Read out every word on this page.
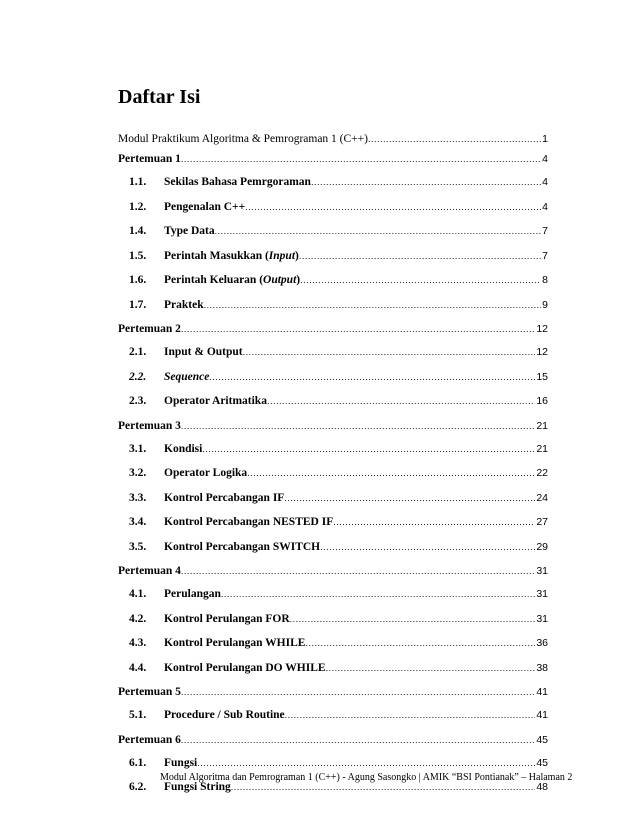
Daftar Isi
Modul Praktikum Algoritma & Pemrograman 1 (C++) .....	1
Pertemuan 1 .....	4
1.1.	Sekilas Bahasa Pemrgoraman .....	4
1.2.	Pengenalan C++ .....	4
1.4.	Type Data .....	7
1.5.	Perintah Masukkan (Input) .....	7
1.6.	Perintah Keluaran (Output) .....	8
1.7.	Praktek .....	9
Pertemuan 2 .....	12
2.1.	Input & Output .....	12
2.2.	Sequence .....	15
2.3.	Operator Aritmatika .....	16
Pertemuan 3 .....	21
3.1.	Kondisi .....	21
3.2.	Operator Logika .....	22
3.3.	Kontrol Percabangan IF .....	24
3.4.	Kontrol Percabangan NESTED IF .....	27
3.5.	Kontrol Percabangan SWITCH .....	29
Pertemuan 4 .....	31
4.1.	Perulangan .....	31
4.2.	Kontrol Perulangan FOR .....	31
4.3.	Kontrol Perulangan WHILE .....	36
4.4.	Kontrol Perulangan DO WHILE .....	38
Pertemuan 5 .....	41
5.1.	Procedure / Sub Routine .....	41
Pertemuan 6 .....	45
6.1.	Fungsi .....	45
6.2.	Fungsi String .....	48
Modul Algoritma dan Pemrograman 1 (C++) - Agung Sasongko | AMIK “BSI Pontianak” – Halaman 2
